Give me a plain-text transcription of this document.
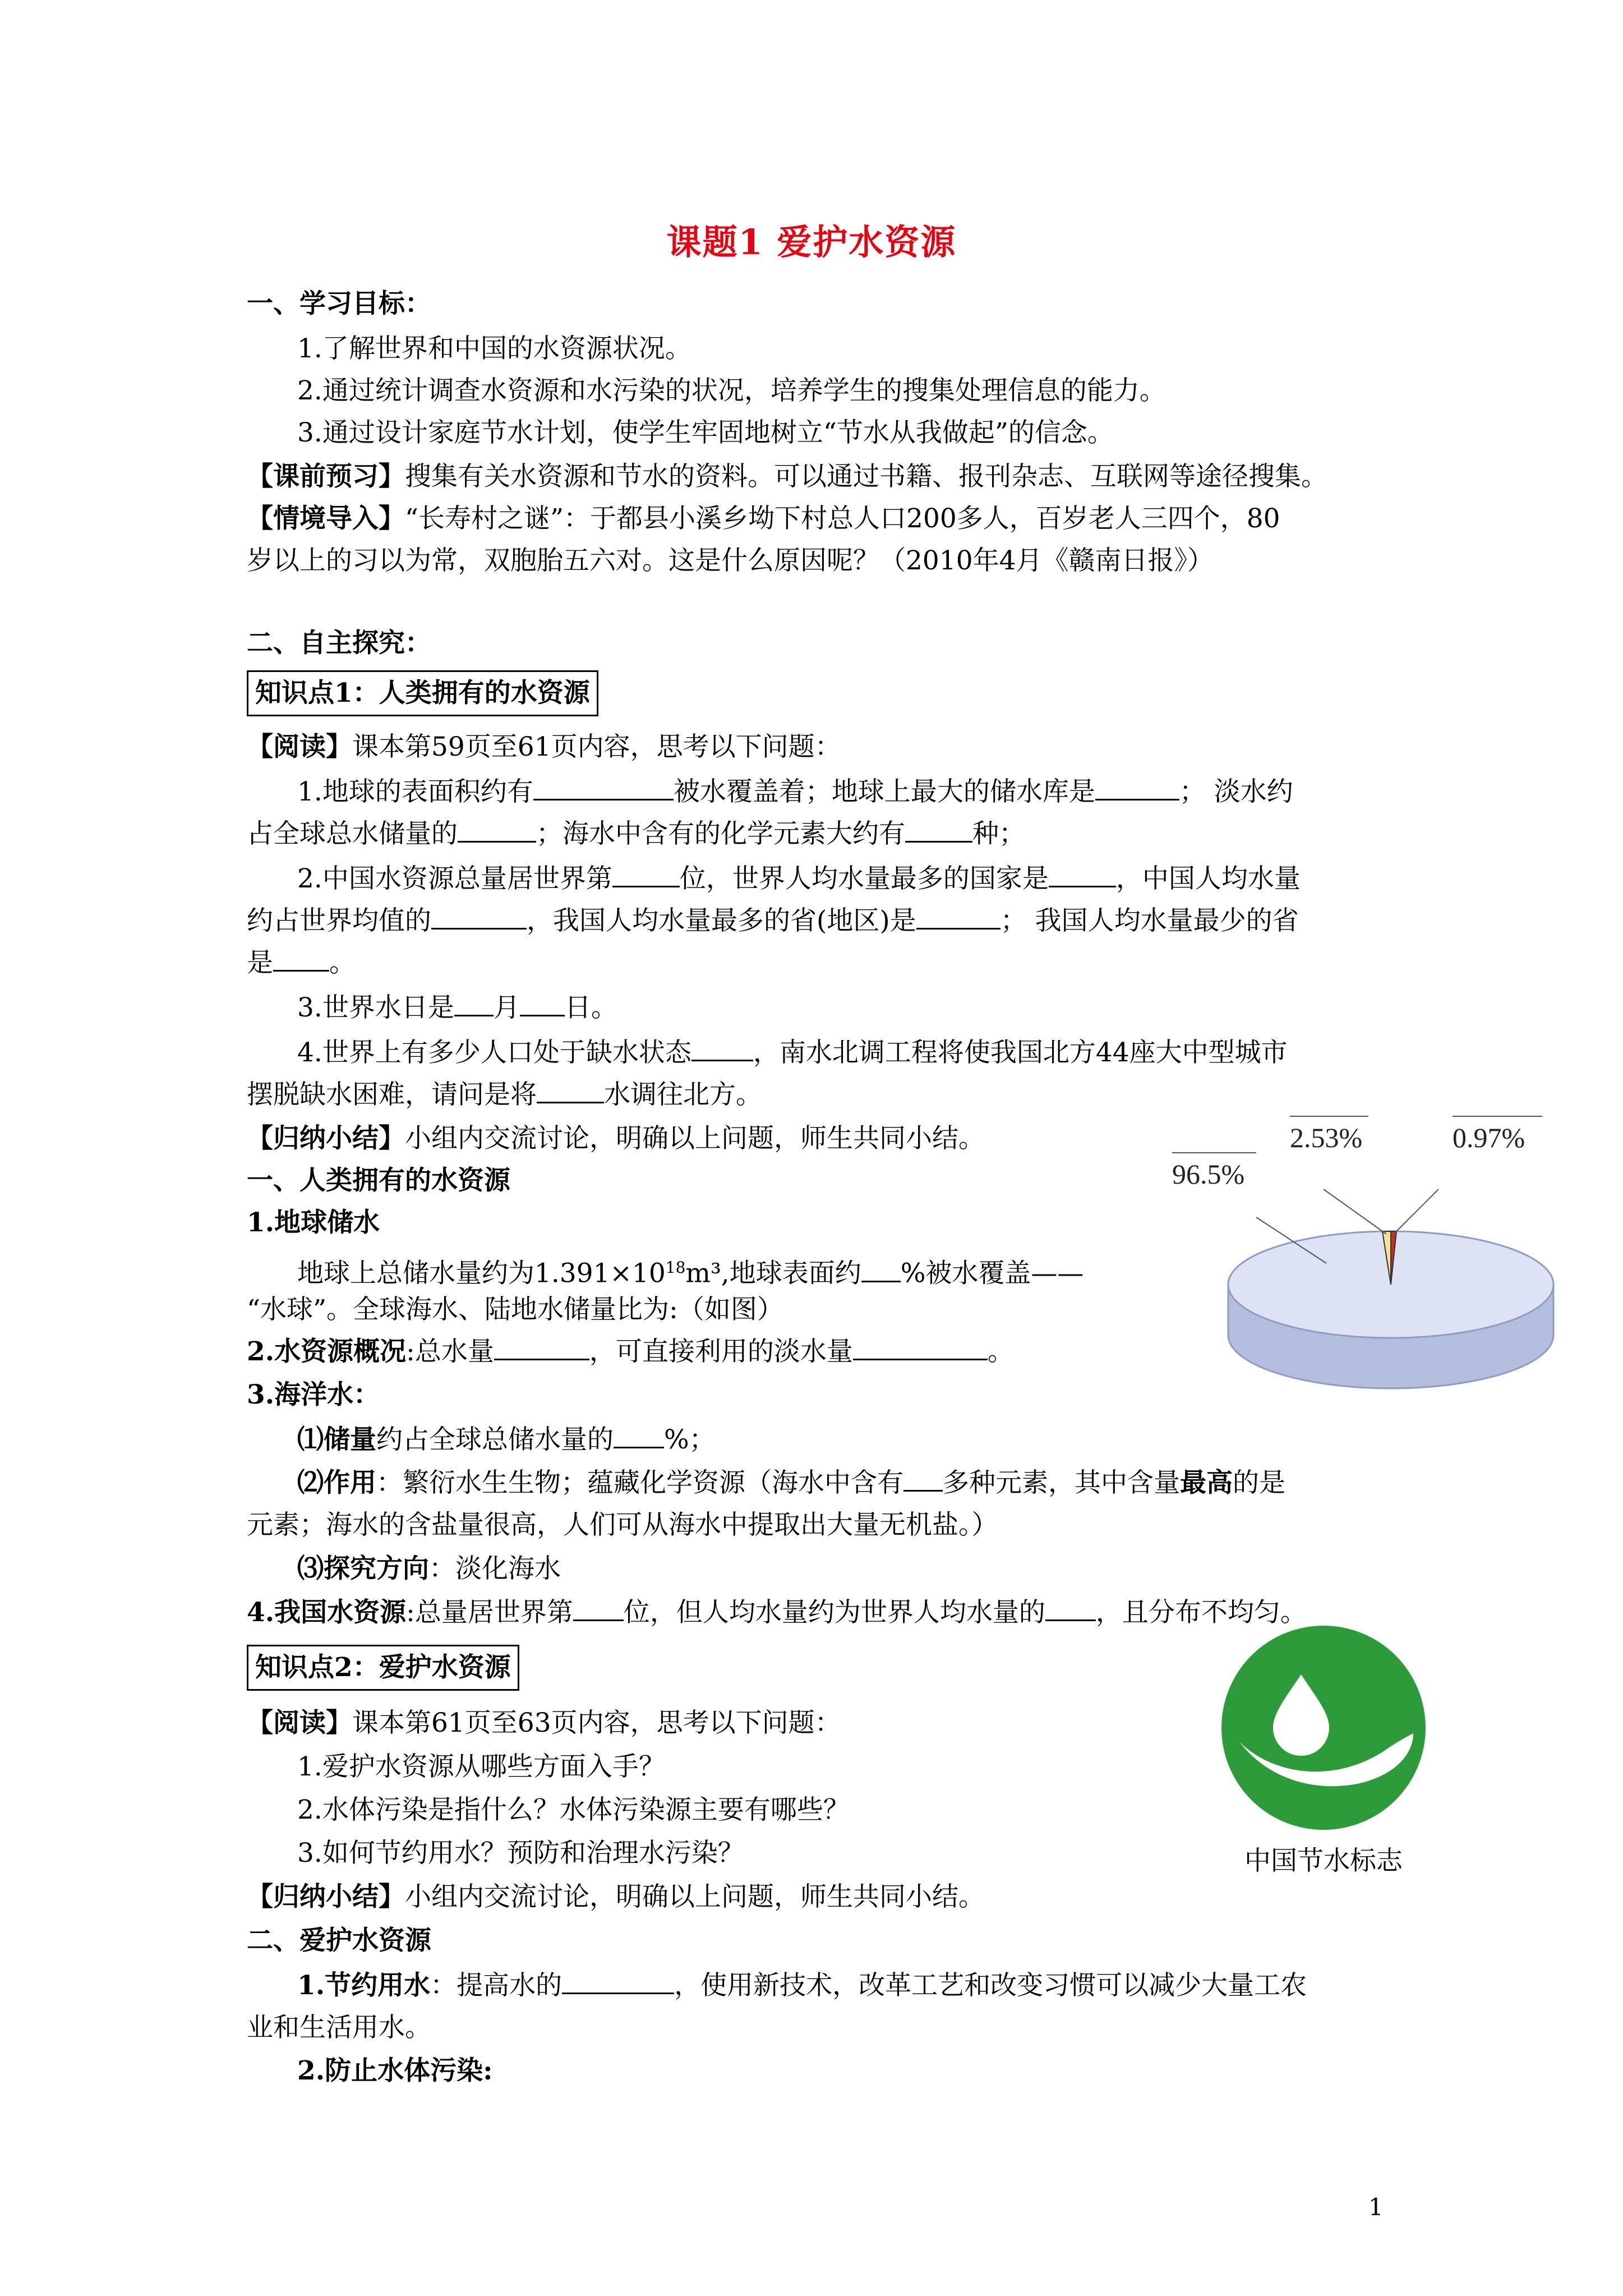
课题1 爱护水资源
一、学习目标：
1.了解世界和中国的水资源状况。
2.通过统计调查水资源和水污染的状况，培养学生的搜集处理信息的能力。
3.通过设计家庭节水计划，使学生牢固地树立“节水从我做起”的信念。
【课前预习】搜集有关水资源和节水的资料。可以通过书籍、报刊杂志、互联网等途径搜集。
【情境导入】“长寿村之谜”：于都县小溪乡坳下村总人口200多人，百岁老人三四个，80
岁以上的习以为常，双胞胎五六对。这是什么原因呢？（2010年4月《赣南日报》）
二、自主探究：
知识点1：人类拥有的水资源
【阅读】课本第59页至61页内容，思考以下问题：
1.地球的表面积约有	被水覆盖着；地球上最大的储水库是	； 淡水约
占全球总水储量的	；海水中含有的化学元素大约有	种；
2.中国水资源总量居世界第	位，世界人均水量最多的国家是	，中国人均水量
约占世界均值的	，我国人均水量最多的省(地区)是	； 我国人均水量最少的省
是 。
3.世界水日是 月 日。
4.世界上有多少人口处于缺水状态 ，南水北调工程将使我国北方44座大中型城市
摆脱缺水困难，请问是将	水调往北方。
【归纳小结】小组内交流讨论，明确以上问题，师生共同小结。
一、人类拥有的水资源
1.地球储水
地球上总储水量约为$1.391\times 10^{18}m^3$,地球表面约 %被水覆盖——
“水球”。全球海水、陆地水储量比为:（如图）
2.水资源概况:总水量	，可直接利用的淡水量	。
3.海洋水：
⑴储量约占全球总储水量的 %；
⑵作用：繁衍水生生物；蕴藏化学资源（海水中含有 多种元素，其中含量最高的是
元素；海水的含盐量很高，人们可从海水中提取出大量无机盐。）
⑶探究方向：淡化海水
4.我国水资源:总量居世界第 位，但人均水量约为世界人均水量的 ，且分布不均匀。
知识点2：爱护水资源
【阅读】课本第61页至63页内容，思考以下问题：
1.爱护水资源从哪些方面入手？
2.水体污染是指什么？水体污染源主要有哪些？
3.如何节约用水？预防和治理水污染？
【归纳小结】小组内交流讨论，明确以上问题，师生共同小结。
二、爱护水资源
1.节约用水：提高水的	，使用新技术，改革工艺和改变习惯可以减少大量工农
业和生活用水。
2.防止水体污染:
96.5%
2.53%	0.97%
中国节水标志
1
